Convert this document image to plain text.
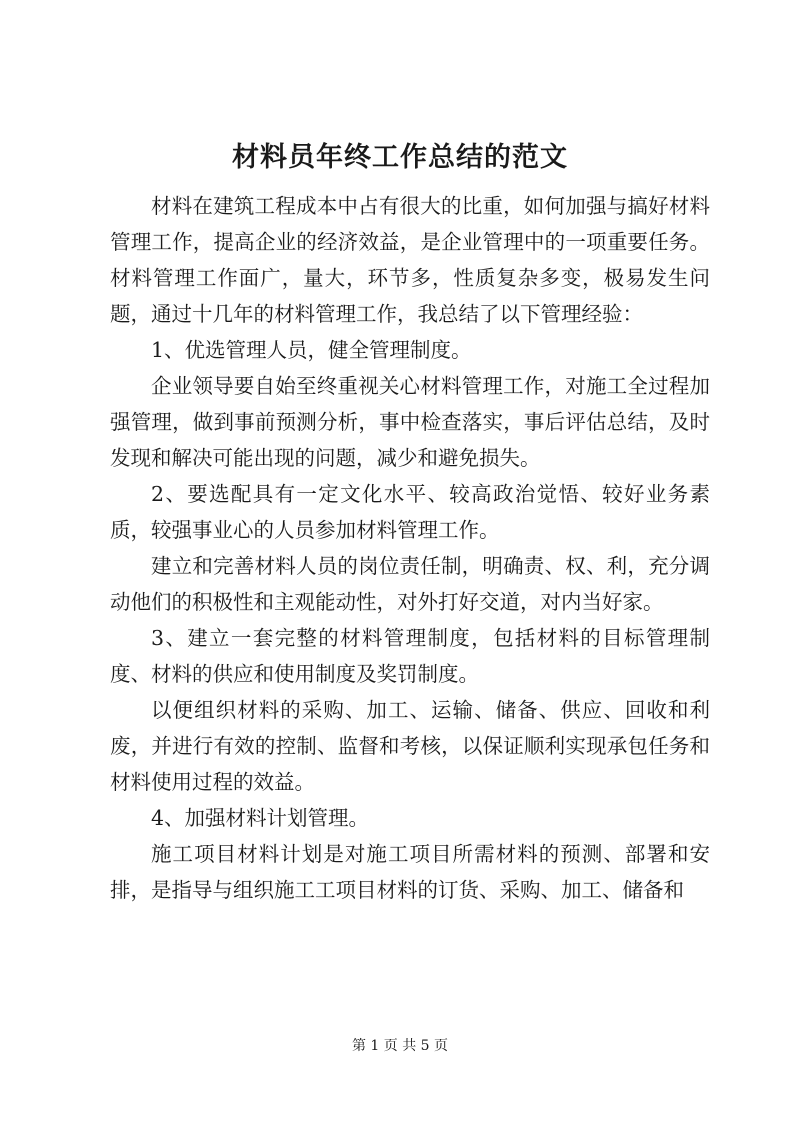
材料员年终工作总结的范文

材料在建筑工程成本中占有很大的比重，如何加强与搞好材料管理工作，提高企业的经济效益，是企业管理中的一项重要任务。材料管理工作面广，量大，环节多，性质复杂多变，极易发生问题，通过十几年的材料管理工作，我总结了以下管理经验：

1、优选管理人员，健全管理制度。

企业领导要自始至终重视关心材料管理工作，对施工全过程加强管理，做到事前预测分析，事中检查落实，事后评估总结，及时发现和解决可能出现的问题，减少和避免损失。

2、要选配具有一定文化水平、较高政治觉悟、较好业务素质，较强事业心的人员参加材料管理工作。

建立和完善材料人员的岗位责任制，明确责、权、利，充分调动他们的积极性和主观能动性，对外打好交道，对内当好家。

3、建立一套完整的材料管理制度，包括材料的目标管理制度、材料的供应和使用制度及奖罚制度。

以便组织材料的采购、加工、运输、储备、供应、回收和利废，并进行有效的控制、监督和考核，以保证顺利实现承包任务和材料使用过程的效益。

4、加强材料计划管理。

施工项目材料计划是对施工项目所需材料的预测、部署和安排，是指导与组织施工工项目材料的订货、采购、加工、储备和

第 1 页 共 5 页
